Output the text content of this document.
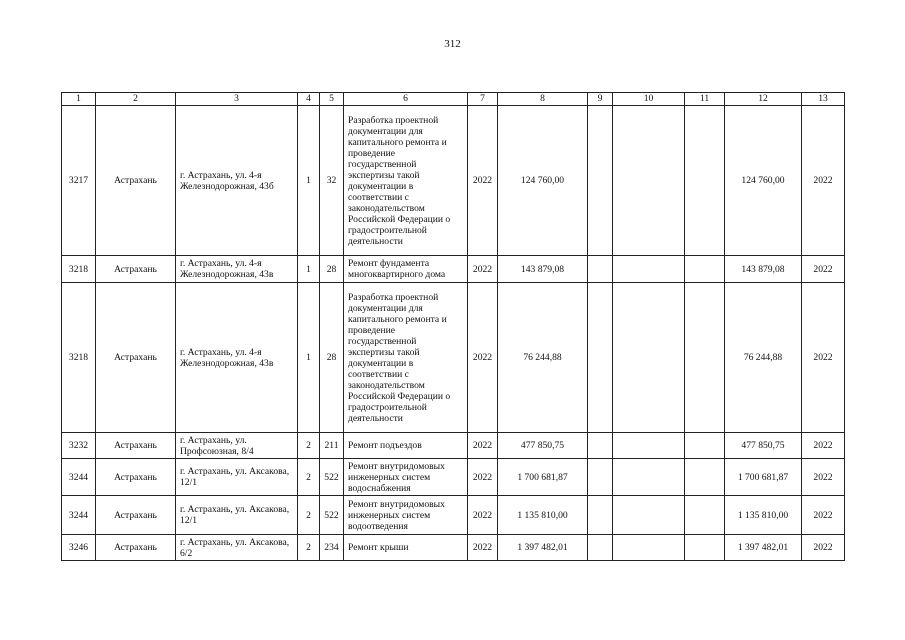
312
1	2	3	4	5	6	7	8	9	10	11	12	13
3217	Астрахань	г. Астрахань, ул. 4-я Железнодорожная, 43б	1	32	Разработка проектной документации для капитального ремонта и проведение государственной экспертизы такой документации в соответствии с законодательством Российской Федерации о градостроительной деятельности	2022	124 760,00				124 760,00	2022
3218	Астрахань	г. Астрахань, ул. 4-я Железнодорожная, 43в	1	28	Ремонт фундамента многоквартирного дома	2022	143 879,08				143 879,08	2022
3218	Астрахань	г. Астрахань, ул. 4-я Железнодорожная, 43в	1	28	Разработка проектной документации для капитального ремонта и проведение государственной экспертизы такой документации в соответствии с законодательством Российской Федерации о градостроительной деятельности	2022	76 244,88				76 244,88	2022
3232	Астрахань	г. Астрахань, ул. Профсоюзная, 8/4	2	211	Ремонт подъездов	2022	477 850,75				477 850,75	2022
3244	Астрахань	г. Астрахань, ул. Аксакова, 12/1	2	522	Ремонт внутридомовых инженерных систем водоснабжения	2022	1 700 681,87				1 700 681,87	2022
3244	Астрахань	г. Астрахань, ул. Аксакова, 12/1	2	522	Ремонт внутридомовых инженерных систем водоотведения	2022	1 135 810,00				1 135 810,00	2022
3246	Астрахань	г. Астрахань, ул. Аксакова, 6/2	2	234	Ремонт крыши	2022	1 397 482,01				1 397 482,01	2022
